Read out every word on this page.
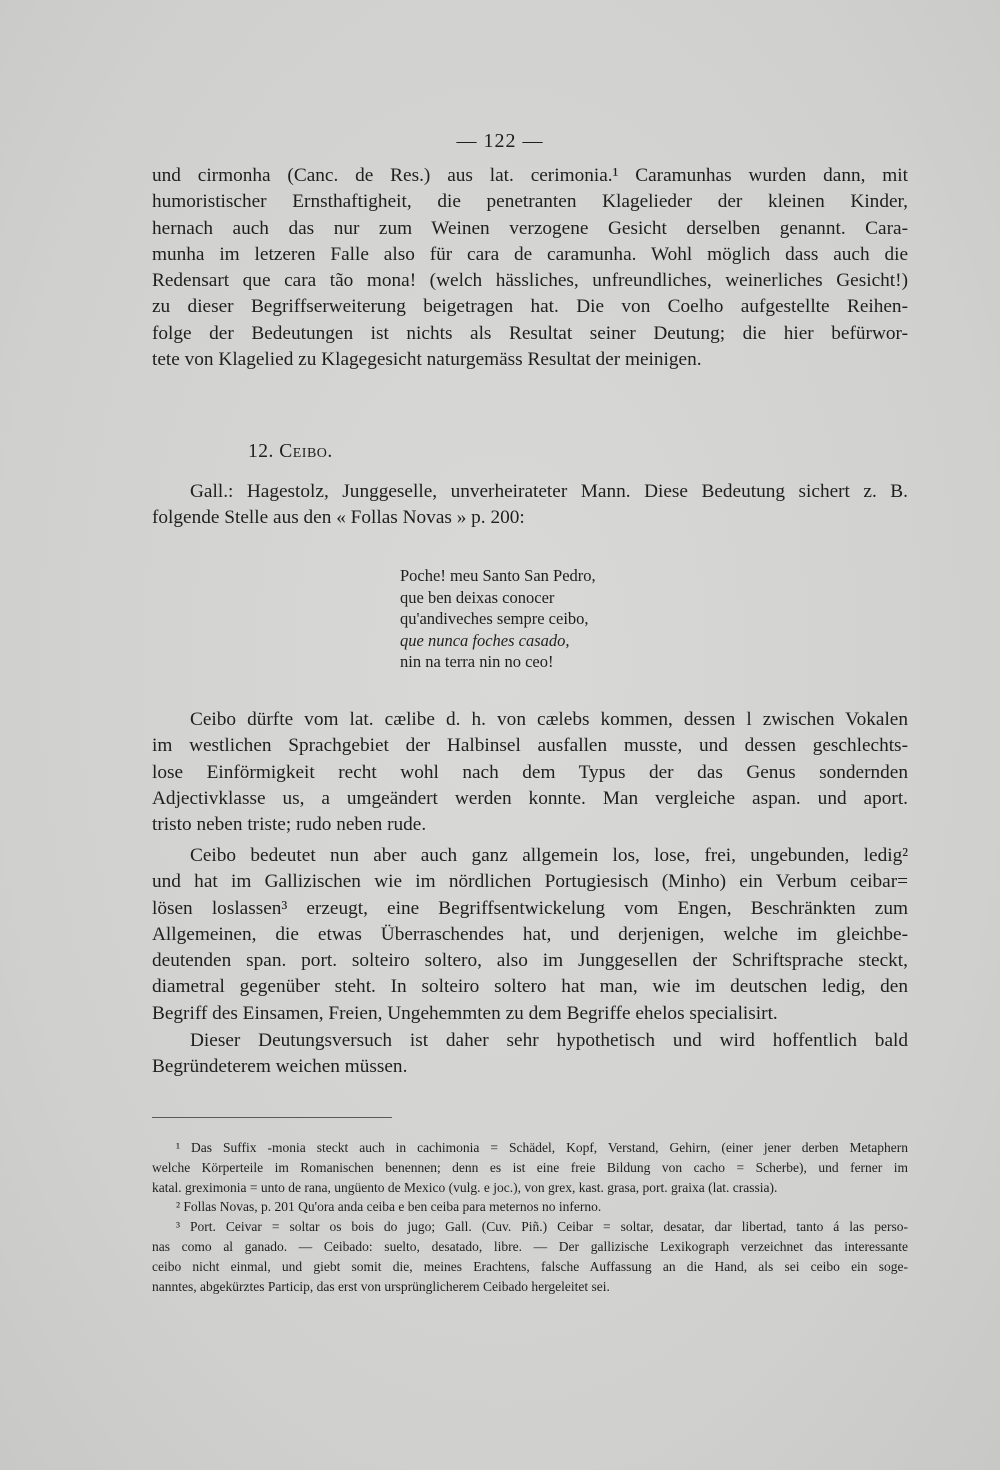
— 122 —

und cirmonha (Canc. de Res.) aus lat. cerimonia.¹ Caramunhas wurden dann, mit
humoristischer Ernsthaftigheit, die penetranten Klagelieder der kleinen Kinder,
hernach auch das nur zum Weinen verzogene Gesicht derselben genannt. Cara-
munha im letzeren Falle also für cara de caramunha. Wohl möglich dass auch die
Redensart que cara tão mona! (welch hässliches, unfreundliches, weinerliches Gesicht!)
zu dieser Begriffserweiterung beigetragen hat. Die von Coelho aufgestellte Reihen-
folge der Bedeutungen ist nichts als Resultat seiner Deutung; die hier befürwor-
tete von Klagelied zu Klagegesicht naturgemäss Resultat der meinigen.

12. Ceibo.

Gall.: Hagestolz, Junggeselle, unverheirateter Mann. Diese Bedeutung sichert z. B.
folgende Stelle aus den « Follas Novas » p. 200:

Poche! meu Santo San Pedro,
que ben deixas conocer
qu'andiveches sempre ceibo,
que nunca foches casado,
nin na terra nin no ceo!

Ceibo dürfte vom lat. cælibe d. h. von cælebs kommen, dessen l zwischen Vokalen
im westlichen Sprachgebiet der Halbinsel ausfallen musste, und dessen geschlechts-
lose Einförmigkeit recht wohl nach dem Typus der das Genus sondernden
Adjectivklasse us, a umgeändert werden konnte. Man vergleiche aspan. und aport.
tristo neben triste; rudo neben rude.

Ceibo bedeutet nun aber auch ganz allgemein los, lose, frei, ungebunden, ledig²
und hat im Gallizischen wie im nördlichen Portugiesisch (Minho) ein Verbum ceibar=
lösen loslassen³ erzeugt, eine Begriffsentwickelung vom Engen, Beschränkten zum
Allgemeinen, die etwas Überraschendes hat, und derjenigen, welche im gleichbe-
deutenden span. port. solteiro soltero, also im Junggesellen der Schriftsprache steckt,
diametral gegenüber steht. In solteiro soltero hat man, wie im deutschen ledig, den
Begriff des Einsamen, Freien, Ungehemmten zu dem Begriffe ehelos specialisirt.

Dieser Deutungsversuch ist daher sehr hypothetisch und wird hoffentlich bald
Begründeterem weichen müssen.

¹ Das Suffix -monia steckt auch in cachimonia = Schädel, Kopf, Verstand, Gehirn, (einer jener derben Metaphern
welche Körperteile im Romanischen benennen; denn es ist eine freie Bildung von cacho = Scherbe), und ferner im
katal. greximonia = unto de rana, ungüento de Mexico (vulg. e joc.), von grex, kast. grasa, port. graixa (lat. crassia).
² Follas Novas, p. 201 Qu'ora anda ceiba e ben ceiba para meternos no inferno.
³ Port. Ceivar = soltar os bois do jugo; Gall. (Cuv. Piñ.) Ceibar = soltar, desatar, dar libertad, tanto á las perso-
nas como al ganado. — Ceibado: suelto, desatado, libre. — Der gallizische Lexikograph verzeichnet das interessante
ceibo nicht einmal, und giebt somit die, meines Erachtens, falsche Auffassung an die Hand, als sei ceibo ein soge-
nanntes, abgekürztes Particip, das erst von ursprünglicherem Ceibado hergeleitet sei.
